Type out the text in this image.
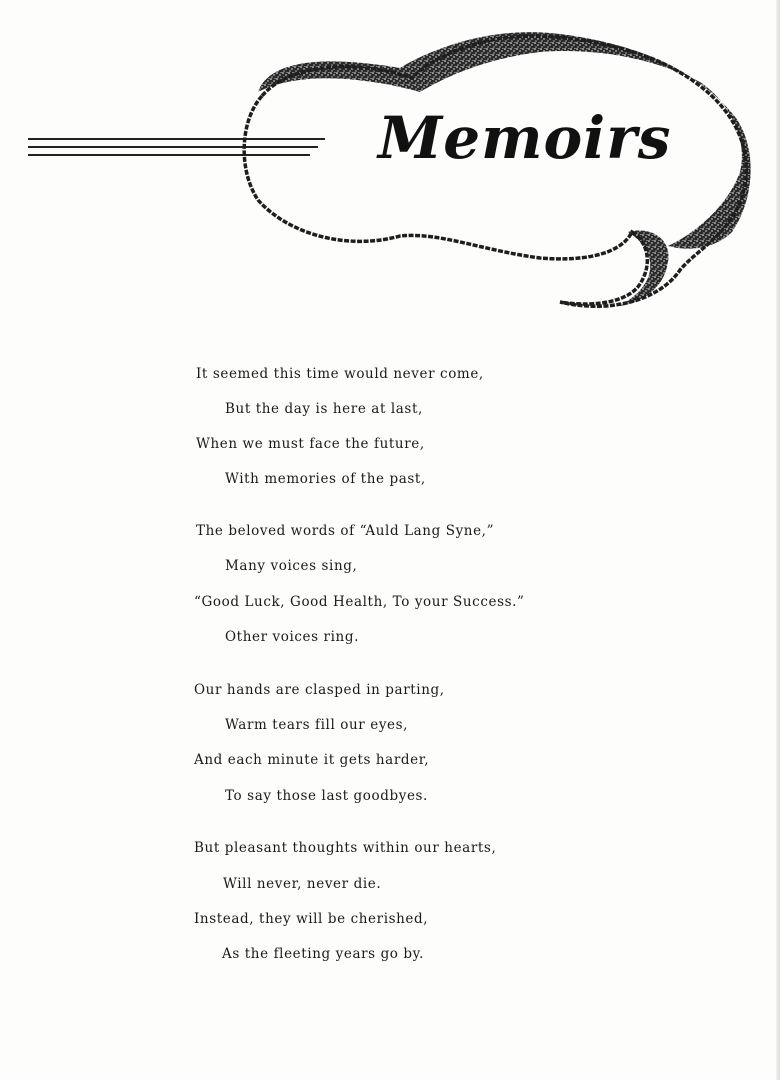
Memoirs
It seemed this time would never come,
But the day is here at last,
When we must face the future,
With memories of the past,
The beloved words of “Auld Lang Syne,”
Many voices sing,
“Good Luck, Good Health, To your Success.”
Other voices ring.
Our hands are clasped in parting,
Warm tears fill our eyes,
And each minute it gets harder,
To say those last goodbyes.
But pleasant thoughts within our hearts,
Will never, never die.
Instead, they will be cherished,
As the fleeting years go by.
